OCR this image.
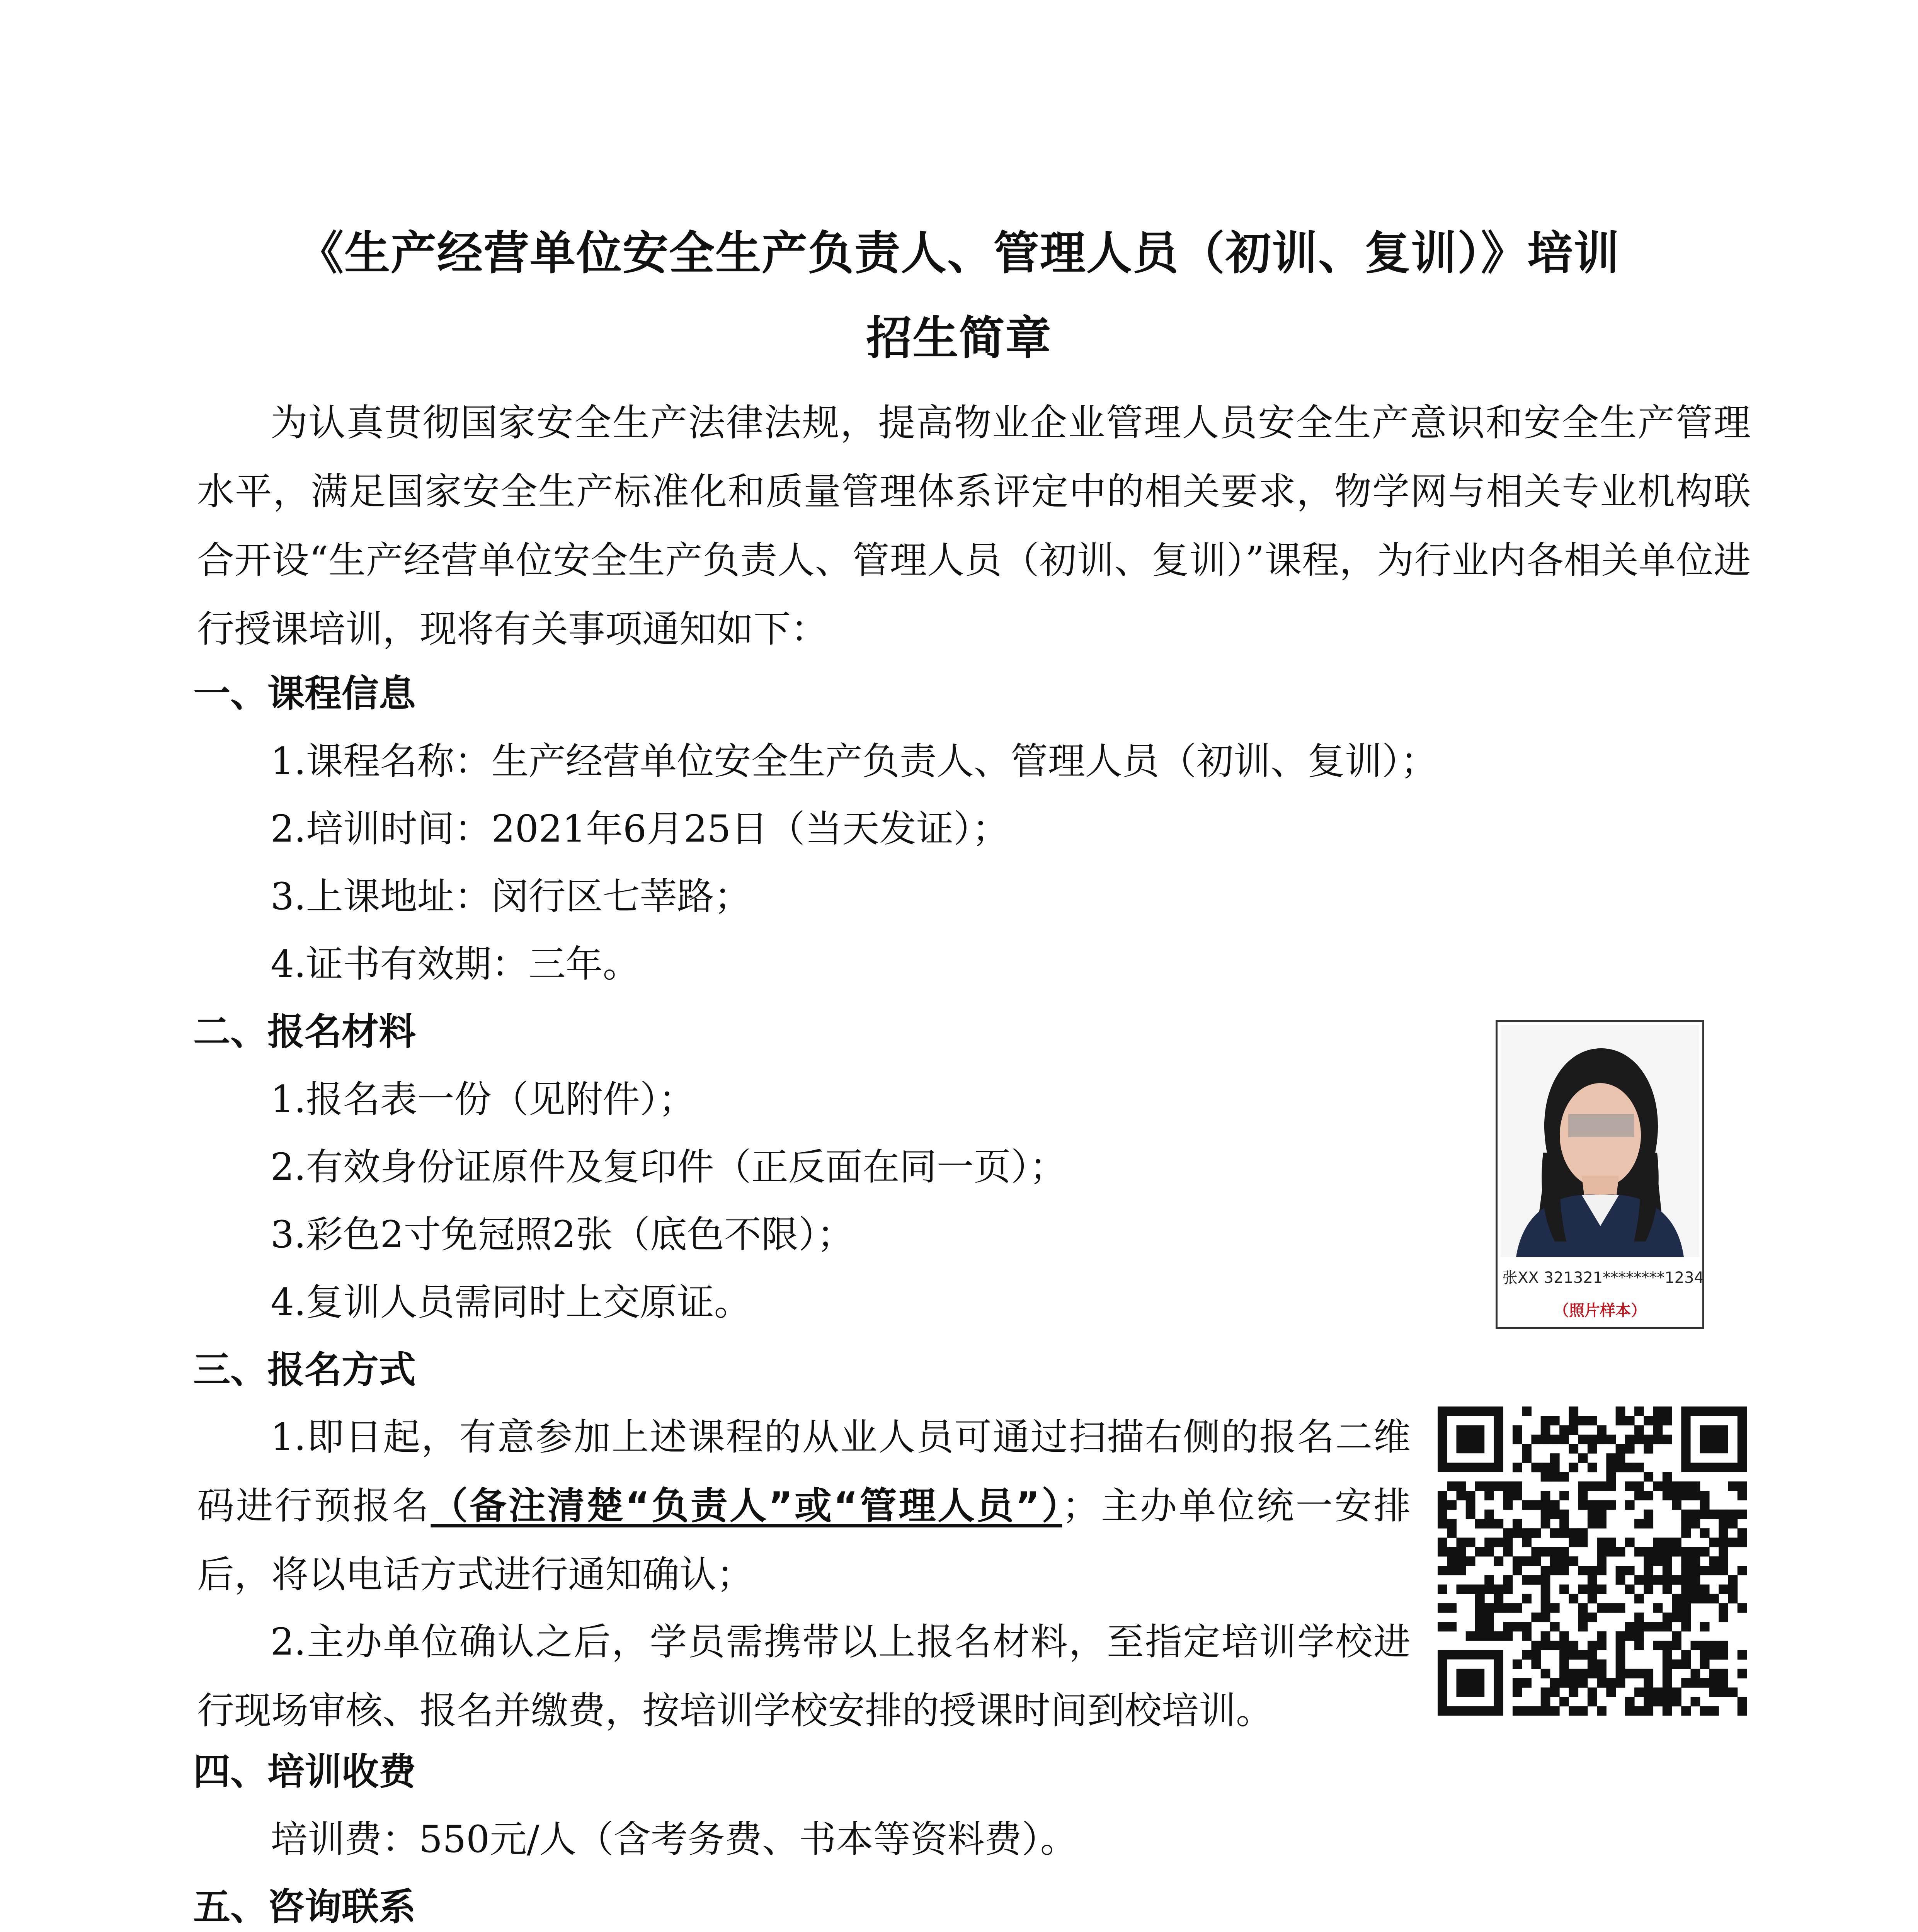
《生产经营单位安全生产负责人、管理人员（初训、复训）》培训
招生简章
为认真贯彻国家安全生产法律法规，提高物业企业管理人员安全生产意识和安全生产管理水平，满足国家安全生产标准化和质量管理体系评定中的相关要求，物学网与相关专业机构联合开设“生产经营单位安全生产负责人、管理人员（初训、复训）”课程，为行业内各相关单位进行授课培训，现将有关事项通知如下：
一、课程信息
1.课程名称：生产经营单位安全生产负责人、管理人员（初训、复训）；
2.培训时间：2021年6月25日（当天发证）；
3.上课地址：闵行区七莘路；
4.证书有效期：三年。
二、报名材料
1.报名表一份（见附件）；
2.有效身份证原件及复印件（正反面在同一页）；
3.彩色2寸免冠照2张（底色不限）；
4.复训人员需同时上交原证。
张XX 321321********1234
（照片样本）
三、报名方式
1.即日起，有意参加上述课程的从业人员可通过扫描右侧的报名二维码进行预报名（备注清楚“负责人”或“管理人员”）；主办单位统一安排后，将以电话方式进行通知确认；
2.主办单位确认之后，学员需携带以上报名材料，至指定培训学校进行现场审核、报名并缴费，按培训学校安排的授课时间到校培训。
四、培训收费
培训费：550元/人（含考务费、书本等资料费）。
五、咨询联系
